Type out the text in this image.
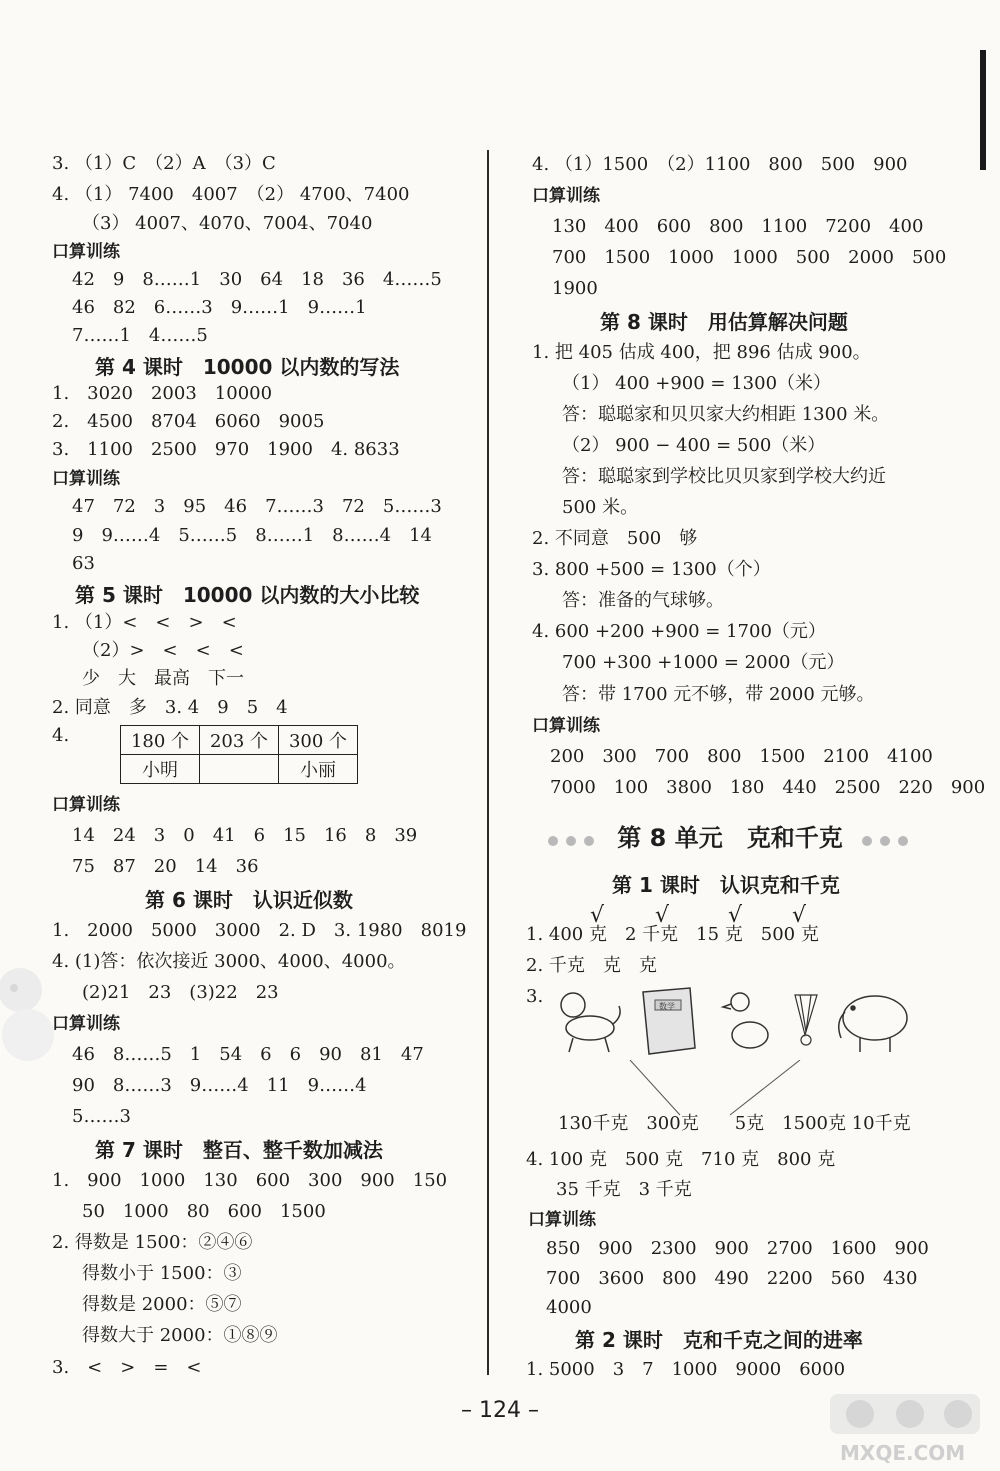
3. （1）C　（2）A　（3）C
4. （1） 7400　4007　（2） 4700、7400
（3） 4007、4070、7004、7040
口算训练
42　9　8……1　30　64　18　36　4……5
46　82　6……3　9……1　9……1
7……1　4……5
第 4 课时　10000 以内数的写法
1.　3020　2003　10000
2.　4500　8704　6060　9005
3.　1100　2500　970　1900　4. 8633
口算训练
47　72　3　95　46　7……3　72　5……3
9　9……4　5……5　8……1　8……4　14
63
第 5 课时　10000 以内数的大小比较
1. （1）<　<　>　<
（2）>　<　<　<
少　大　最高　下一
2. 同意　多　3. 4　9　5　4
4.	180 个	203 个	300 个
小明		小丽
口算训练
14　24　3　0　41　6　15　16　8　39
75　87　20　14　36
第 6 课时　认识近似数
1.　2000　5000　3000　2. D　3. 1980　8019
4. (1)答：依次接近 3000、4000、4000。
(2)21　23　(3)22　23
口算训练
46　8……5　1　54　6　6　90　81　47
90　8……3　9……4　11　9……4
5……3
第 7 课时　整百、整千数加减法
1.　900　1000　130　600　300　900　150
50　1000　80　600　1500
2. 得数是 1500：②④⑥
得数小于 1500：③
得数是 2000：⑤⑦
得数大于 2000：①⑧⑨
3.　<　>　=　<
4. （1）1500　（2）1100　800　500　900
口算训练
130　400　600　800　1100　7200　400
700　1500　1000　1000　500　2000　500
1900
第 8 课时　用估算解决问题
1. 把 405 估成 400，把 896 估成 900。
（1） 400 +900 = 1300（米）
答：聪聪家和贝贝家大约相距 1300 米。
（2） 900 − 400 = 500（米）
答：聪聪家到学校比贝贝家到学校大约近
500 米。
2. 不同意　500　够
3. 800 +500 = 1300（个）
答：准备的气球够。
4. 600 +200 +900 = 1700（元）
700 +300 +1000 = 2000（元）
答：带 1700 元不够，带 2000 元够。
口算训练
200　300　700　800　1500　2100　4100
7000　100　3800　180　440　2500　220　900
第 8 单元　克和千克
第 1 课时　认识克和千克
√ √	√ √
1. 400 克　2 千克　15 克　500 克
2. 千克　克　克
3.	数学
130千克　300克　　5克　1500克 10千克
4. 100 克　500 克　710 克　800 克
35 千克　3 千克
口算训练
850　900　2300　900　2700　1600　900
700　3600　800　490　2200　560　430
4000
第 2 课时　克和千克之间的进率
1. 5000　3　7　1000　9000　6000
– 124 –
MXQE.COM
